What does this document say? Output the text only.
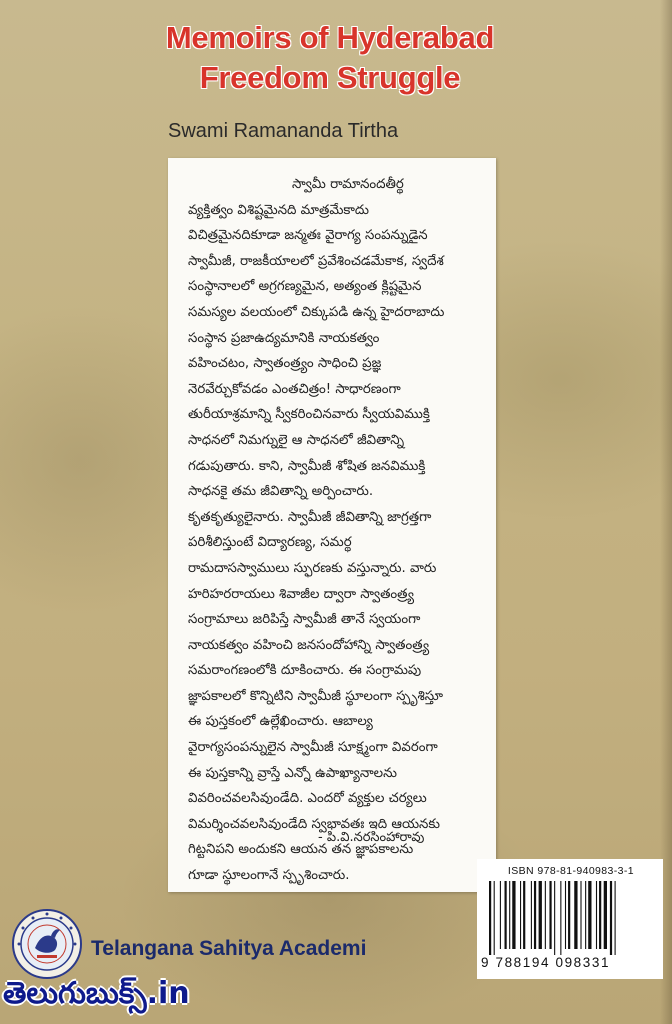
Memoirs of Hyderabad
Freedom Struggle
Swami Ramananda Tirtha

స్వామీ రామానందతీర్థ
వ్యక్తిత్వం విశిష్టమైనది మాత్రమేకాదు
విచిత్రమైనదికూడా జన్మతః వైరాగ్య సంపన్నుడైన
స్వామీజీ, రాజకీయాలలో ప్రవేశించడమేకాక, స్వదేశ
సంస్థానాలలో అగ్రగణ్యమైన, అత్యంత క్లిష్టమైన
సమస్యల వలయంలో చిక్కుపడి ఉన్న హైదరాబాదు
సంస్థాన ప్రజాఉద్యమానికి నాయకత్వం
వహించటం, స్వాతంత్ర్యం సాధించి ప్రజ్ఞ
నెరవేర్చుకోవడం ఎంతచిత్రం! సాధారణంగా
తురీయాశ్రమాన్ని స్వీకరించినవారు స్వీయవిముక్తి
సాధనలో నిమగ్నులై ఆ సాధనలో జీవితాన్ని
గడుపుతారు. కాని, స్వామీజీ శోషిత జనవిముక్తి
సాధనకై తమ జీవితాన్ని అర్పించారు.
కృతకృత్యులైనారు. స్వామీజీ జీవితాన్ని జాగ్రత్తగా
పరిశీలిస్తుంటే విద్యారణ్య, సమర్థ
రామదాసస్వాములు స్ఫురణకు వస్తున్నారు. వారు
హరిహరరాయలు శివాజీల ద్వారా స్వాతంత్ర్య
సంగ్రామాలు జరిపిస్తే స్వామీజీ తానే స్వయంగా
నాయకత్వం వహించి జనసందోహాన్ని స్వాతంత్ర్య
సమరాంగణంలోకి దూకించారు. ఈ సంగ్రామపు
జ్ఞాపకాలలో కొన్నిటిని స్వామీజీ స్థూలంగా స్పృశిస్తూ
ఈ పుస్తకంలో ఉల్లేఖించారు. ఆబాల్య
వైరాగ్యసంపన్నులైన స్వామీజీ సూక్ష్మంగా వివరంగా
ఈ పుస్తకాన్ని వ్రాస్తే ఎన్నో ఉపాఖ్యానాలను
వివరించవలసివుండేది. ఎందరో వ్యక్తుల చర్యలు
విమర్శించవలసివుండేది స్వభావతః ఇది ఆయనకు
గిట్టనిపని అందుకని ఆయన తన జ్ఞాపకాలను
గూడా స్థూలంగానే స్పృశించారు.

- పి.వి.నరసింహారావు
ISBN 978-81-940983-3-1
9 788194 098331
Telangana Sahitya Academi
తెలుగుబుక్స్.in
